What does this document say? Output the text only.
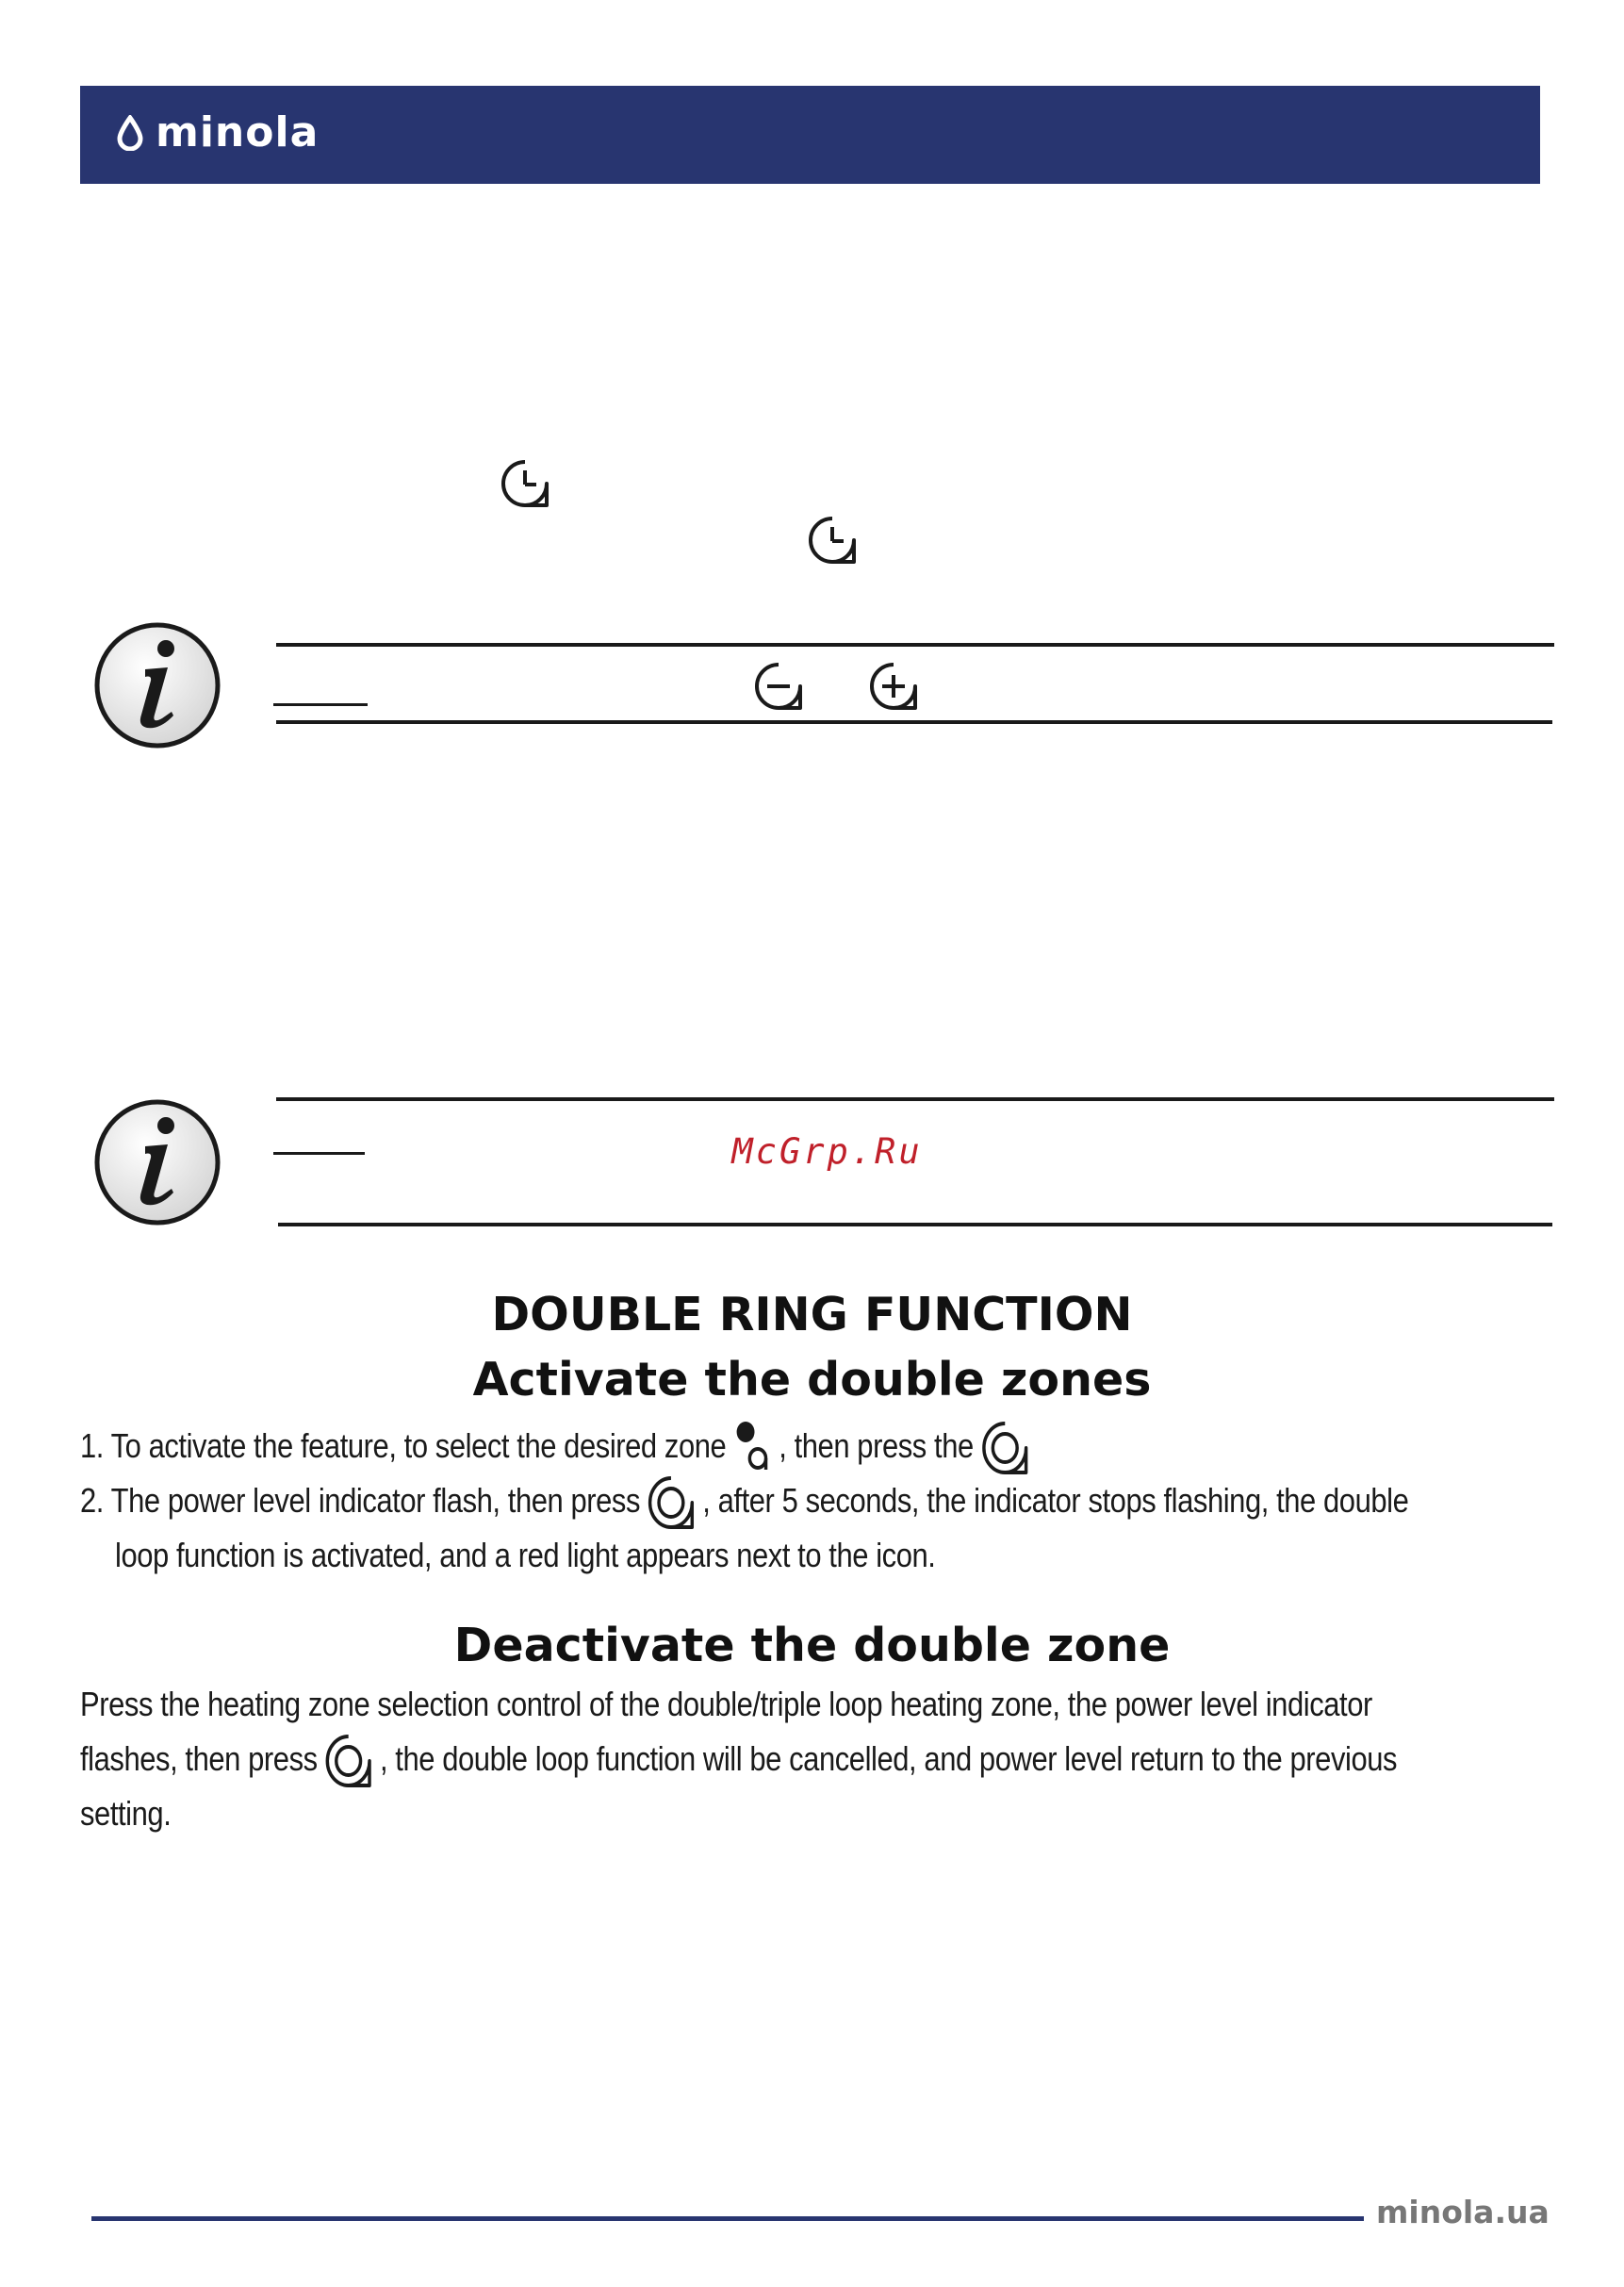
minola
McGrp.Ru
DOUBLE RING FUNCTION
Activate the double zones
1. To activate the feature, to select the desired zone , then press the
2. The power level indicator flash, then press , after 5 seconds, the indicator stops flashing, the double
loop function is activated, and a red light appears next to the icon.
Deactivate the double zone
Press the heating zone selection control of the double/triple loop heating zone, the power level indicator
flashes, then press , the double loop function will be cancelled, and power level return to the previous
setting.
minola.ua
